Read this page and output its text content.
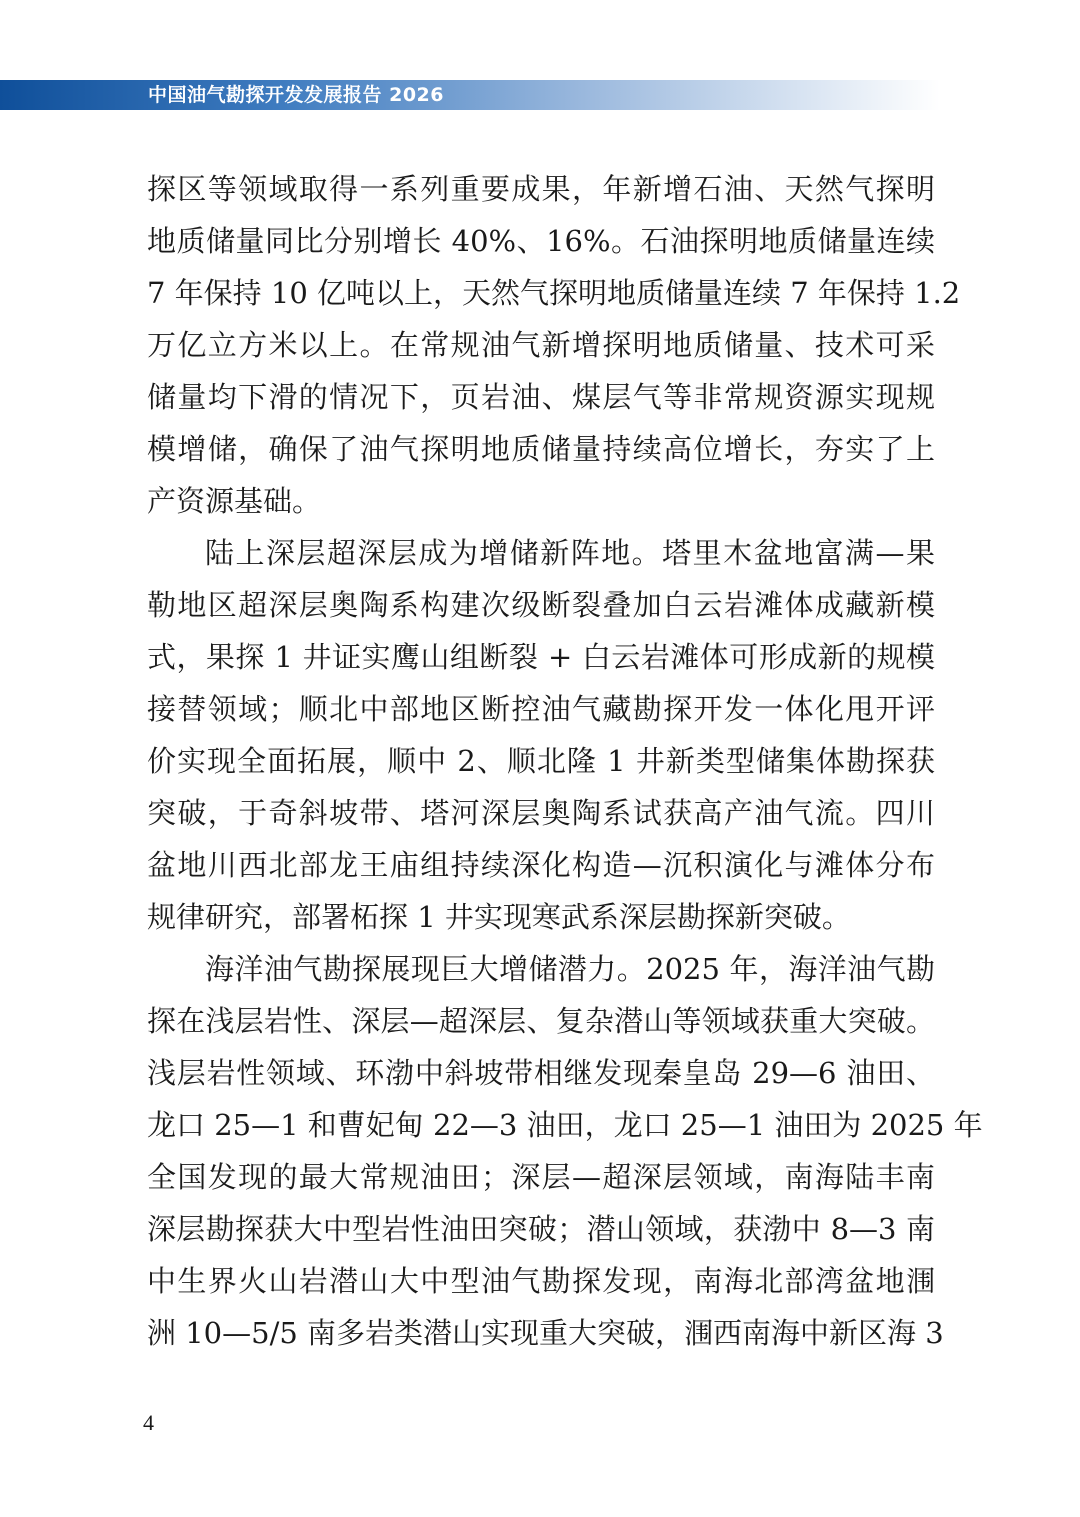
中国油气勘探开发发展报告 2026
探区等领域取得一系列重要成果，年新增石油、天然气探明
地质储量同比分别增长 40%、16%。石油探明地质储量连续
7 年保持 10 亿吨以上，天然气探明地质储量连续 7 年保持 1.2
万亿立方米以上。在常规油气新增探明地质储量、技术可采
储量均下滑的情况下，页岩油、煤层气等非常规资源实现规
模增储，确保了油气探明地质储量持续高位增长，夯实了上
产资源基础。
陆上深层超深层成为增储新阵地。塔里木盆地富满—果
勒地区超深层奥陶系构建次级断裂叠加白云岩滩体成藏新模
式，果探 1 井证实鹰山组断裂 + 白云岩滩体可形成新的规模
接替领域；顺北中部地区断控油气藏勘探开发一体化甩开评
价实现全面拓展，顺中 2、顺北隆 1 井新类型储集体勘探获
突破，于奇斜坡带、塔河深层奥陶系试获高产油气流。四川
盆地川西北部龙王庙组持续深化构造—沉积演化与滩体分布
规律研究，部署柘探 1 井实现寒武系深层勘探新突破。
海洋油气勘探展现巨大增储潜力。2025 年，海洋油气勘
探在浅层岩性、深层—超深层、复杂潜山等领域获重大突破。
浅层岩性领域、环渤中斜坡带相继发现秦皇岛 29—6 油田、
龙口 25—1 和曹妃甸 22—3 油田，龙口 25—1 油田为 2025 年
全国发现的最大常规油田；深层—超深层领域，南海陆丰南
深层勘探获大中型岩性油田突破；潜山领域，获渤中 8—3 南
中生界火山岩潜山大中型油气勘探发现，南海北部湾盆地涠
洲 10—5/5 南多岩类潜山实现重大突破，涠西南海中新区海 3
4
